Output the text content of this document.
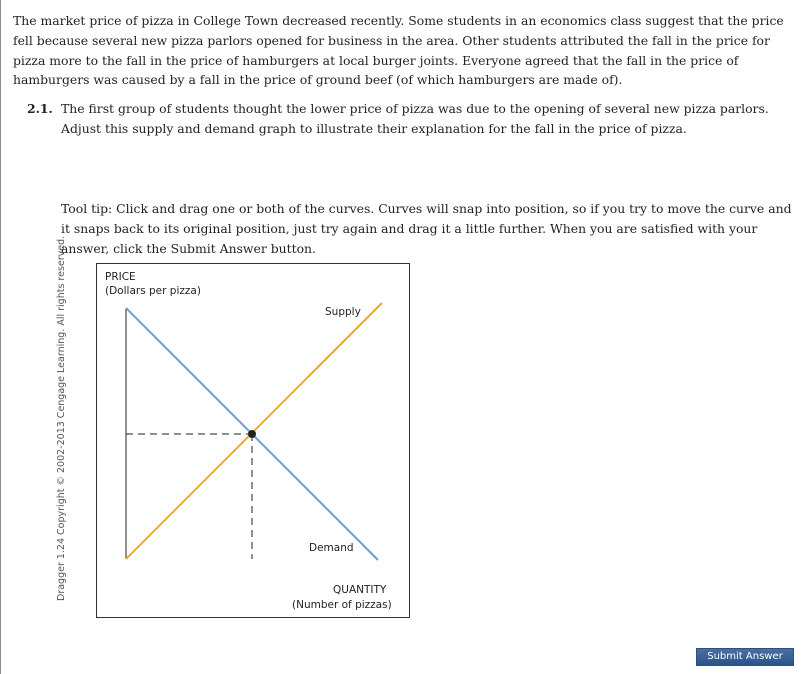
The market price of pizza in College Town decreased recently. Some students in an economics class suggest that the price fell because several new pizza parlors opened for business in the area. Other students attributed the fall in the price for pizza more to the fall in the price of hamburgers at local burger joints. Everyone agreed that the fall in the price of hamburgers was caused by a fall in the price of ground beef (of which hamburgers are made of).

2.1. The first group of students thought the lower price of pizza was due to the opening of several new pizza parlors. Adjust this supply and demand graph to illustrate their explanation for the fall in the price of pizza.

Tool tip: Click and drag one or both of the curves. Curves will snap into position, so if you try to move the curve and it snaps back to its original position, just try again and drag it a little further. When you are satisfied with your answer, click the Submit Answer button.

Dragger 1.24 Copyright © 2002-2013 Cengage Learning. All rights reserved.	PRICE
(Dollars per pizza)
Supply
Demand
QUANTITY
(Number of pizzas)
Submit Answer
